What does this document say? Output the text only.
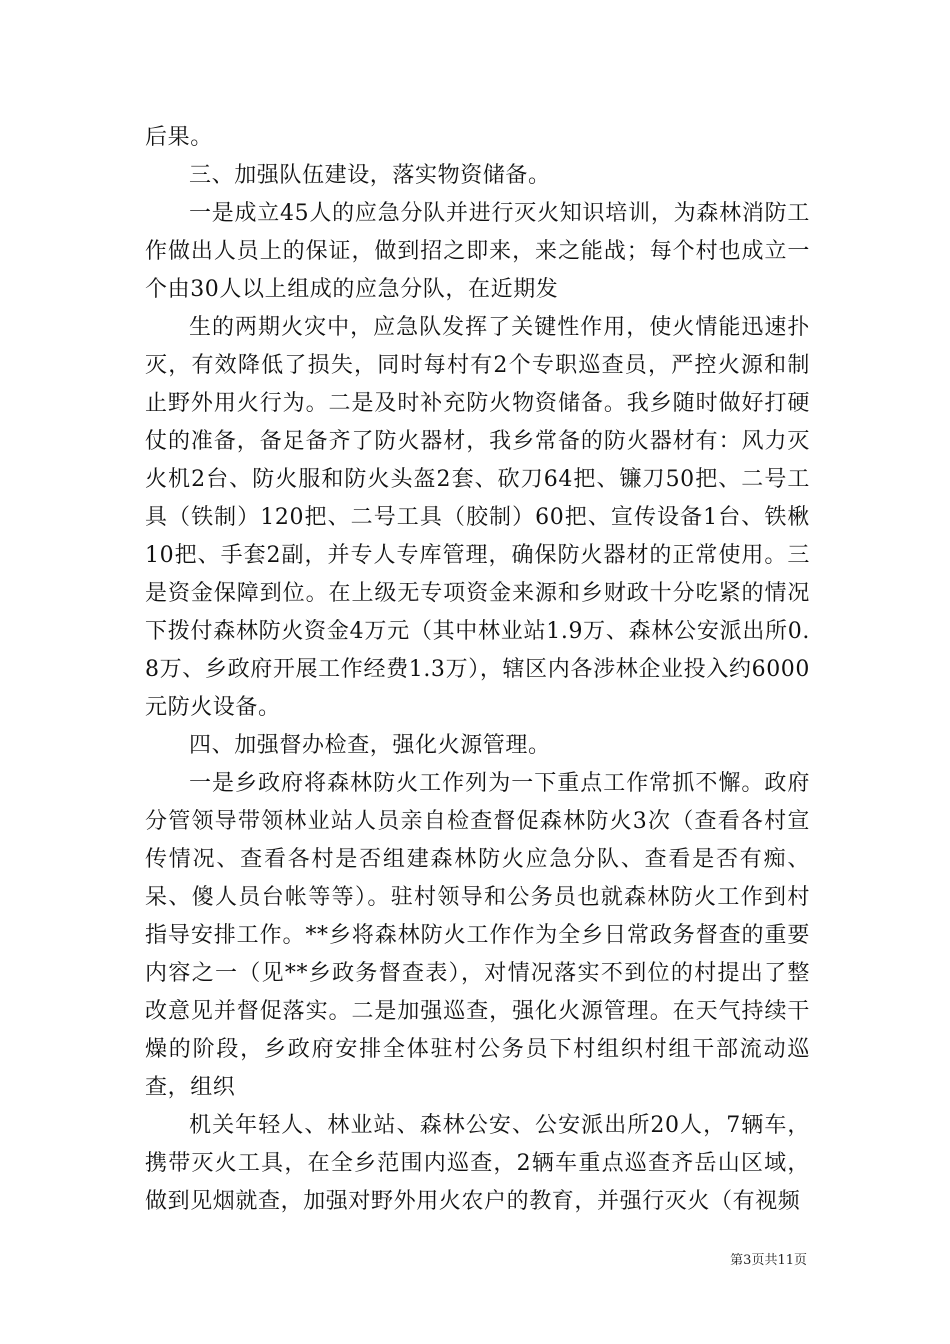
后果。

三、加强队伍建设，落实物资储备。

一是成立45人的应急分队并进行灭火知识培训，为森林消防工作做出人员上的保证，做到招之即来，来之能战；每个村也成立一个由30人以上组成的应急分队，在近期发

生的两期火灾中，应急队发挥了关键性作用，使火情能迅速扑灭，有效降低了损失，同时每村有2个专职巡查员，严控火源和制止野外用火行为。二是及时补充防火物资储备。我乡随时做好打硬仗的准备，备足备齐了防火器材，我乡常备的防火器材有：风力灭火机2台、防火服和防火头盔2套、砍刀64把、镰刀50把、二号工具（铁制）120把、二号工具（胶制）60把、宣传设备1台、铁楸10把、手套2副，并专人专库管理，确保防火器材的正常使用。三是资金保障到位。在上级无专项资金来源和乡财政十分吃紧的情况下拨付森林防火资金4万元（其中林业站1.9万、森林公安派出所0.8万、乡政府开展工作经费1.3万），辖区内各涉林企业投入约6000元防火设备。

四、加强督办检查，强化火源管理。

一是乡政府将森林防火工作列为一下重点工作常抓不懈。政府分管领导带领林业站人员亲自检查督促森林防火3次（查看各村宣传情况、查看各村是否组建森林防火应急分队、查看是否有痴、呆、傻人员台帐等等）。驻村领导和公务员也就森林防火工作到村指导安排工作。**乡将森林防火工作作为全乡日常政务督查的重要内容之一（见**乡政务督查表），对情况落实不到位的村提出了整改意见并督促落实。二是加强巡查，强化火源管理。在天气持续干燥的阶段，乡政府安排全体驻村公务员下村组织村组干部流动巡查，组织

机关年轻人、林业站、森林公安、公安派出所20人，7辆车，携带灭火工具，在全乡范围内巡查，2辆车重点巡查齐岳山区域，做到见烟就查，加强对野外用火农户的教育，并强行灭火（有视频

第3页共11页
